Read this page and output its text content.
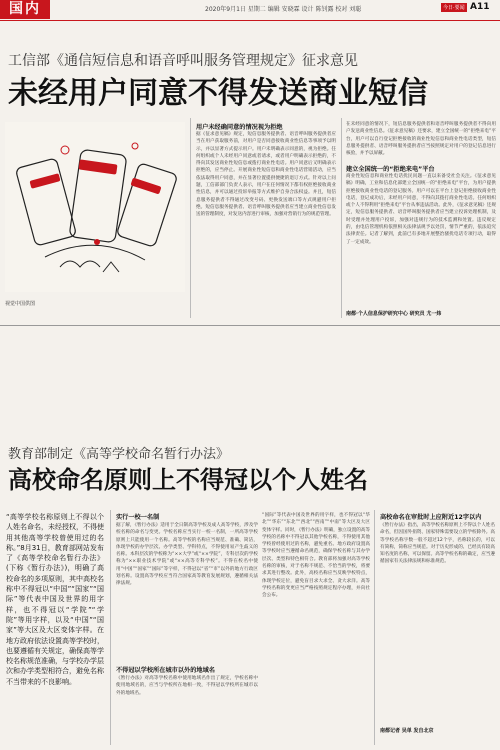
国内	2020年9月1日 星期二 编辑 安晓霖 设计 陈钊露 校对 刘聪	今日·要闻 A11
工信部《通信短信息和语音呼叫服务管理规定》征求意见
未经用户同意不得发送商业短信
视觉中国供图
用户未经确同意的情况视为拒绝
据《征求意见稿》规定，短信息服务提供者、语音呼叫服务提供者应当在用户获取服务前，对用户是否同意接收商业性信息等事项予以明示，并以显著方式提示用户。用户未明确表示同意的，视为拒绝。任何组织或个人未经用户同意或者请求，或者用户明确表示拒绝的，不得向其发送商业性短信息或拨打商业性电话。用户同意后又明确表示拒绝的，应当停止。开展商业性短信息和商业性电话营销活动，应当依法取得用户同意，并在显著位置提供便捷的退订方式。针对以上问题，工信部部门负责人表示，用户在任何情况下都有权拒绝接收商业性信息，并可以通过投诉举报等方式维护自身合法权益。并且，短信息服务提供者不得通过改变号码、更换发送端口等方式规避用户拒绝。短信息服务提供者、语音呼叫服务提供者应当建立商业性信息发送的管理制度，对发送内容进行审核，加强对营销行为的规范管理。
在未经同意的情况下，短信息服务提供者和语音呼叫服务提供者不得向用户发送商业性信息。《征求意见稿》还要求，建立全国统一的“拒绝来电”平台，用户可以自行登记拒绝接收的商业性短信息和商业性电话类型，短信息服务提供者、语音呼叫服务提供者应当按照规定对用户的登记信息进行核验，并予以屏蔽。
建立全国统一的“拒绝来电”平台
商业性短信息和商业性电话扰民问题一直以来备受社会关注。《征求意见稿》明确，工业和信息化部建立全国统一的“拒绝来电”平台，为用户提供拒绝接收商业性电话的登记服务。用户可以在平台上登记拒绝接收商业性电话，登记成功后，未经用户同意，不得向其拨打商业性电话。任何组织或个人不得利用“拒绝来电”平台从事违法活动。此外，《征求意见稿》还规定，短信息服务提供者、语音呼叫服务提供者应当建立投诉处理机制，及时受理并处理用户投诉，加强对违规行为的技术监测和处置。违反规定的，由电信管理机构依照相关法律法规予以处罚，情节严重的，依法追究法律责任。记者了解到，此前已有多地开展整治骚扰电话专项行动，取得了一定成效。
南都·个人信息保护研究中心 研究员 尤一炜
教育部制定《高等学校命名暂行办法》
高校命名原则上不得冠以个人姓名
“高等学校名称原则上不得以个人姓名命名，未经授权，不得使用其他高等学校曾使用过的名称。”8月31日，教育部网站发布了《高等学校命名暂行办法》(下称《暂行办法》)，明确了高校命名的多项原则，其中高校名称中不得冠以“中国”“国家”“国际”等代表中国及世界的用字样，也不得冠以“学院”“学院”等用字样，以及“中国”“国家”等大区及大区变体字样。在地方政府依法设置高等学校时，也要遵循有关规定，确保高等学校名称规范准确，与学校办学层次和办学类型相符合，避免名称不当带来的不良影响。
实行一校一名制
据了解，《暂行办法》适用于全日制高等学校及成人高等学校，涉及学校名称的命名与变更。学校名称应当实行一校一名制，一所高等学校原则上只能使用一个名称。高等学校的名称应当规范、准确、简洁，体现学校的办学层次、办学类型、学科特点，不得使用易产生歧义的名称。本科层次的学校称为“××大学”或“××学院”，专科层次的学校称为“××职业技术学院”或“××高等专科学校”。不得在校名中使用“中国”“国家”“国际”等字样，不得冠以“省”“市”以外的地方行政区划名称。设置高等学校应当符合国家高等教育发展规划，遵循相关法律法规。
不得冠以学校所在城市以外的地域名
《暂行办法》对高等学校名称中使用地域名作出了规定，学校名称中使用地域名的，应当与学校所在地相一致，不得冠以学校所在城市以外的地域名。
“国际”等代表中国及世界的用字样，也不得冠以“华北”“华东”“东北”“西北”“西南”“中南”等大区及大区变体字样。同时，《暂行办法》明确，独立设置的高等学校的名称中不得冠以其他学校名称，不得使用其他学校曾经使用过的名称，避免重名。地方政府设置高等学校时应当遵循命名规范，确保学校名称与其办学层次、类型和特色相符合。教育部将加强对高等学校名称的审核，对于名称不规范、不恰当的学校，将要求其进行整改。此外，高校名称应当反映学校特点，体现学校定位，避免盲目求大求全、贪大求洋。高等学校名称的变更应当严格按照规定程序办理，并向社会公布。
高校命名在审批时上应附近12字以内
《暂行办法》指出，高等学校名称原则上不得以个人姓名命名，但因国外捐资、国家特殊需要设立的学校除外。高等学校名称字数一般不超过12个字，名称较长的，可以有简称，简称应当规范。对于历史形成的、已经具有较高知名度的名称，可以保留。高等学校名称的确定，应当遵循国家有关法律法规和标准规范。
南都记者 吴单 发自北京
